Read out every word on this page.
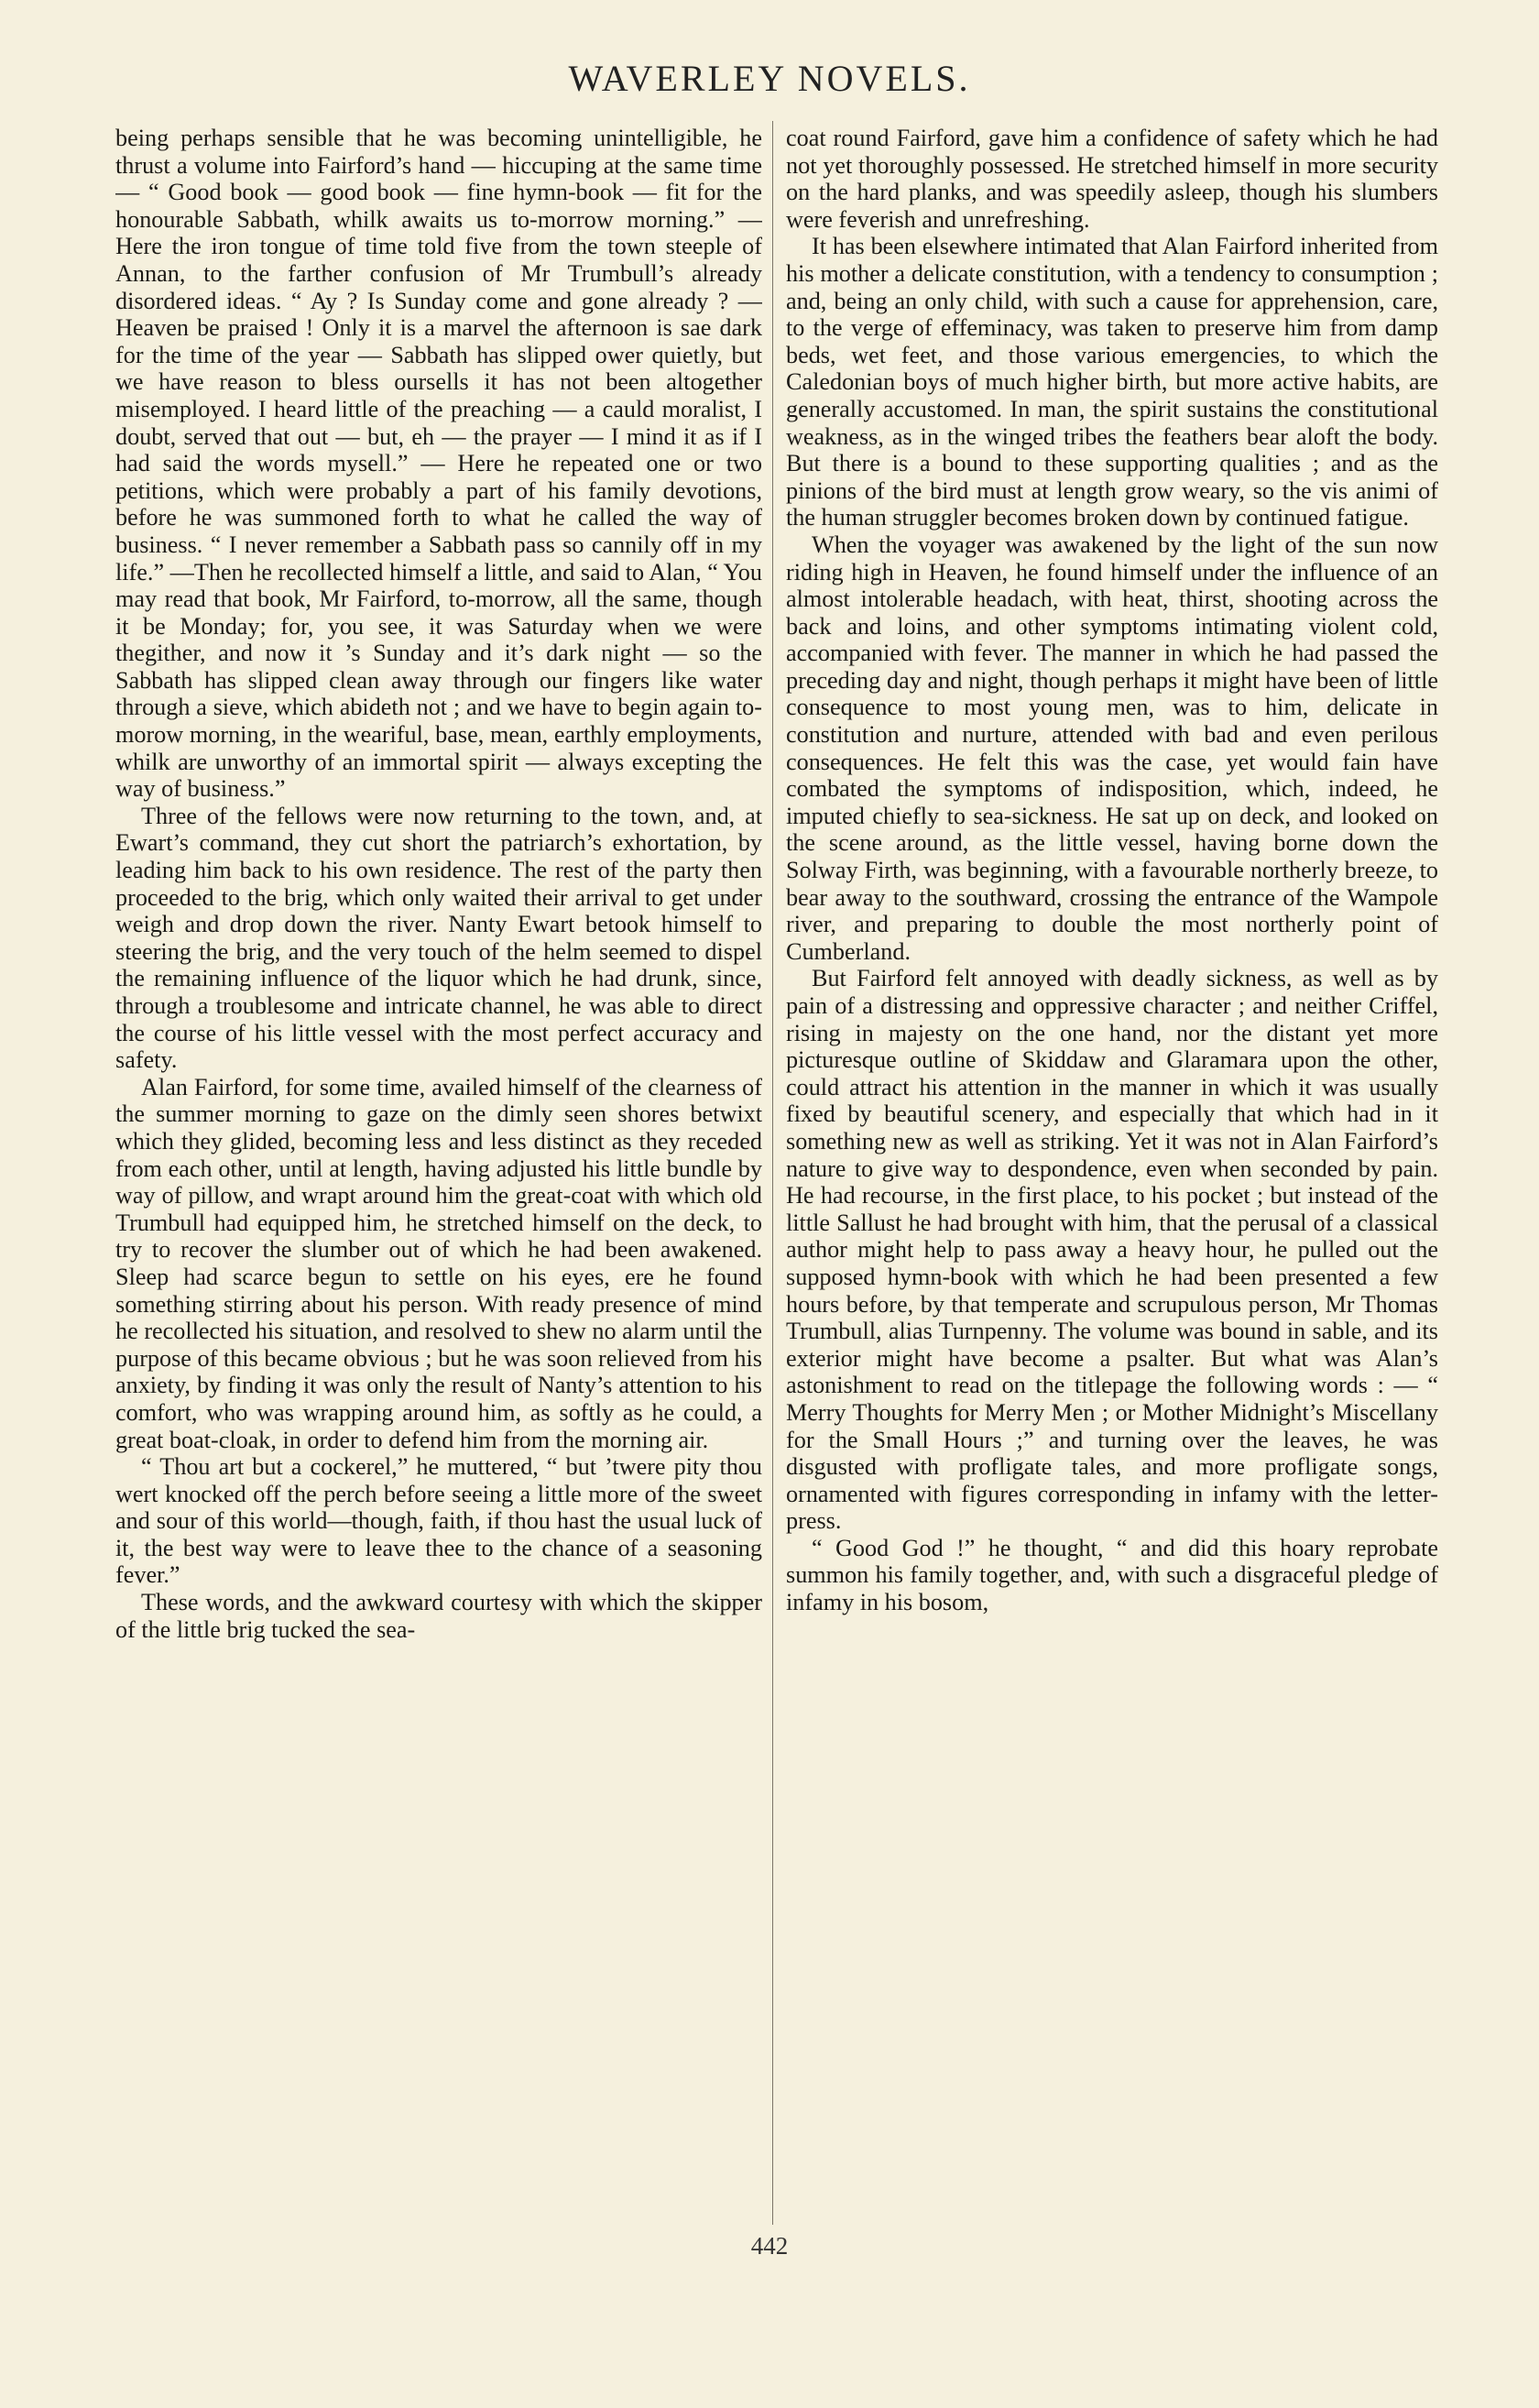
WAVERLEY NOVELS.

being perhaps sensible that he was becoming unintelligible, he thrust a volume into Fairford’s hand — hiccuping at the same time — “ Good book — good book — fine hymn-book — fit for the honourable Sabbath, whilk awaits us to-morrow morning.” — Here the iron tongue of time told five from the town steeple of Annan, to the farther confusion of Mr Trumbull’s already disordered ideas. “ Ay ? Is Sunday come and gone already ? — Heaven be praised ! Only it is a marvel the afternoon is sae dark for the time of the year — Sabbath has slipped ower quietly, but we have reason to bless oursells it has not been altogether misemployed. I heard little of the preaching — a cauld moralist, I doubt, served that out — but, eh — the prayer — I mind it as if I had said the words mysell.” — Here he repeated one or two petitions, which were probably a part of his family devotions, before he was summoned forth to what he called the way of business. “ I never remember a Sabbath pass so cannily off in my life.” —Then he recollected himself a little, and said to Alan, “ You may read that book, Mr Fairford, to-morrow, all the same, though it be Monday; for, you see, it was Saturday when we were thegither, and now it ’s Sunday and it’s dark night — so the Sabbath has slipped clean away through our fingers like water through a sieve, which abideth not ; and we have to begin again to-morow morning, in the weariful, base, mean, earthly employments, whilk are unworthy of an immortal spirit — always excepting the way of business.”

Three of the fellows were now returning to the town, and, at Ewart’s command, they cut short the patriarch’s exhortation, by leading him back to his own residence. The rest of the party then proceeded to the brig, which only waited their arrival to get under weigh and drop down the river. Nanty Ewart betook himself to steering the brig, and the very touch of the helm seemed to dispel the remaining influence of the liquor which he had drunk, since, through a troublesome and intricate channel, he was able to direct the course of his little vessel with the most perfect accuracy and safety.

Alan Fairford, for some time, availed himself of the clearness of the summer morning to gaze on the dimly seen shores betwixt which they glided, becoming less and less distinct as they receded from each other, until at length, having adjusted his little bundle by way of pillow, and wrapt around him the great-coat with which old Trumbull had equipped him, he stretched himself on the deck, to try to recover the slumber out of which he had been awakened. Sleep had scarce begun to settle on his eyes, ere he found something stirring about his person. With ready presence of mind he recollected his situation, and resolved to shew no alarm until the purpose of this became obvious ; but he was soon relieved from his anxiety, by finding it was only the result of Nanty’s attention to his comfort, who was wrapping around him, as softly as he could, a great boat-cloak, in order to defend him from the morning air.

“ Thou art but a cockerel,” he muttered, “ but ’twere pity thou wert knocked off the perch before seeing a little more of the sweet and sour of this world—though, faith, if thou hast the usual luck of it, the best way were to leave thee to the chance of a seasoning fever.”

These words, and the awkward courtesy with which the skipper of the little brig tucked the sea-

coat round Fairford, gave him a confidence of safety which he had not yet thoroughly possessed. He stretched himself in more security on the hard planks, and was speedily asleep, though his slumbers were feverish and unrefreshing.

It has been elsewhere intimated that Alan Fairford inherited from his mother a delicate constitution, with a tendency to consumption ; and, being an only child, with such a cause for apprehension, care, to the verge of effeminacy, was taken to preserve him from damp beds, wet feet, and those various emergencies, to which the Caledonian boys of much higher birth, but more active habits, are generally accustomed. In man, the spirit sustains the constitutional weakness, as in the winged tribes the feathers bear aloft the body. But there is a bound to these supporting qualities ; and as the pinions of the bird must at length grow weary, so the vis animi of the human struggler becomes broken down by continued fatigue.

When the voyager was awakened by the light of the sun now riding high in Heaven, he found himself under the influence of an almost intolerable headach, with heat, thirst, shooting across the back and loins, and other symptoms intimating violent cold, accompanied with fever. The manner in which he had passed the preceding day and night, though perhaps it might have been of little consequence to most young men, was to him, delicate in constitution and nurture, attended with bad and even perilous consequences. He felt this was the case, yet would fain have combated the symptoms of indisposition, which, indeed, he imputed chiefly to sea-sickness. He sat up on deck, and looked on the scene around, as the little vessel, having borne down the Solway Firth, was beginning, with a favourable northerly breeze, to bear away to the southward, crossing the entrance of the Wampole river, and preparing to double the most northerly point of Cumberland.

But Fairford felt annoyed with deadly sickness, as well as by pain of a distressing and oppressive character ; and neither Criffel, rising in majesty on the one hand, nor the distant yet more picturesque outline of Skiddaw and Glaramara upon the other, could attract his attention in the manner in which it was usually fixed by beautiful scenery, and especially that which had in it something new as well as striking. Yet it was not in Alan Fairford’s nature to give way to despondence, even when seconded by pain. He had recourse, in the first place, to his pocket ; but instead of the little Sallust he had brought with him, that the perusal of a classical author might help to pass away a heavy hour, he pulled out the supposed hymn-book with which he had been presented a few hours before, by that temperate and scrupulous person, Mr Thomas Trumbull, alias Turnpenny. The volume was bound in sable, and its exterior might have become a psalter. But what was Alan’s astonishment to read on the titlepage the following words : — “ Merry Thoughts for Merry Men ; or Mother Midnight’s Miscellany for the Small Hours ;” and turning over the leaves, he was disgusted with profligate tales, and more profligate songs, ornamented with figures corresponding in infamy with the letter-press.

“ Good God !” he thought, “ and did this hoary reprobate summon his family together, and, with such a disgraceful pledge of infamy in his bosom,

442
